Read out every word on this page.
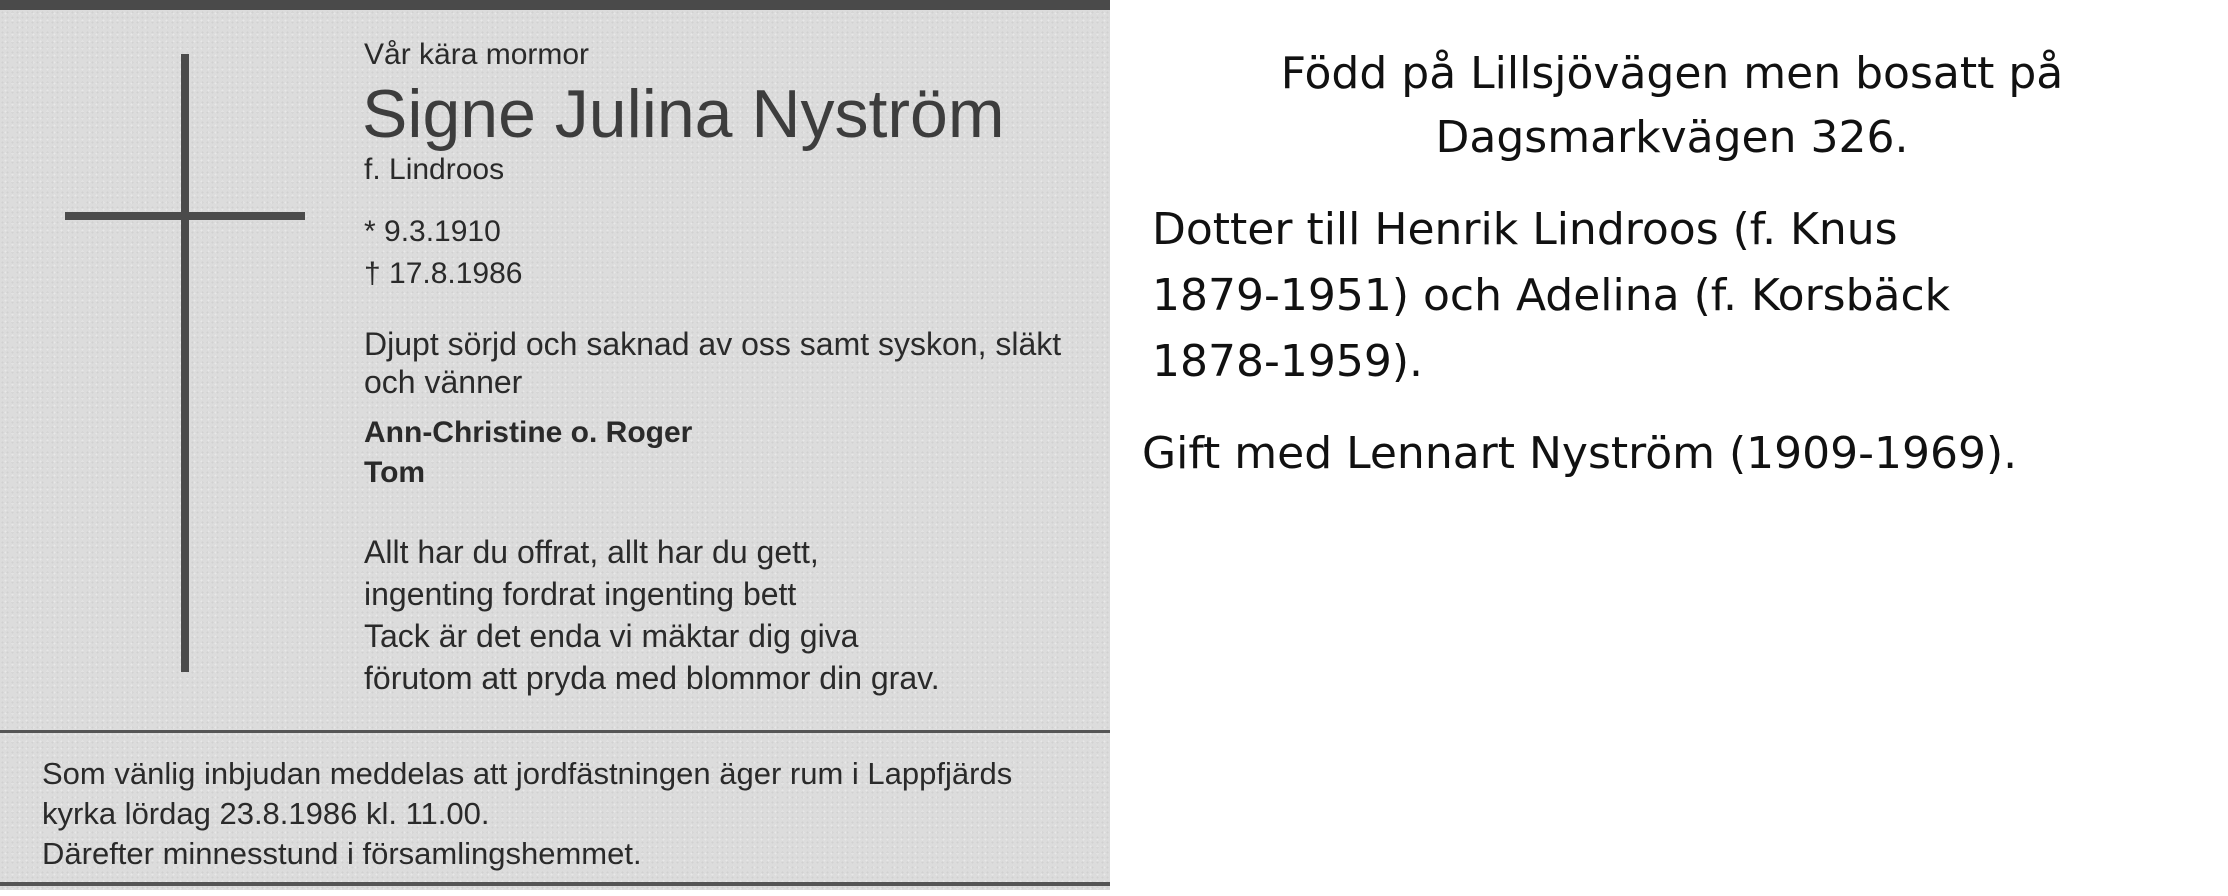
Vår kära mormor
Signe Julina Nyström
f. Lindroos
* 9.3.1910
† 17.8.1986
Djupt sörjd och saknad av oss samt syskon, släkt
och vänner
Ann-Christine o. Roger
Tom
Allt har du offrat, allt har du gett,
ingenting fordrat ingenting bett
Tack är det enda vi mäktar dig giva
förutom att pryda med blommor din grav.
Som vänlig inbjudan meddelas att jordfästningen äger rum i Lappfjärds
kyrka lördag 23.8.1986 kl. 11.00.
Därefter minnesstund i församlingshemmet.
Född på Lillsjövägen men bosatt på
Dagsmarkvägen 326.
Dotter till Henrik Lindroos (f. Knus
1879-1951) och Adelina (f. Korsbäck
1878-1959).
Gift med Lennart Nyström (1909-1969).
